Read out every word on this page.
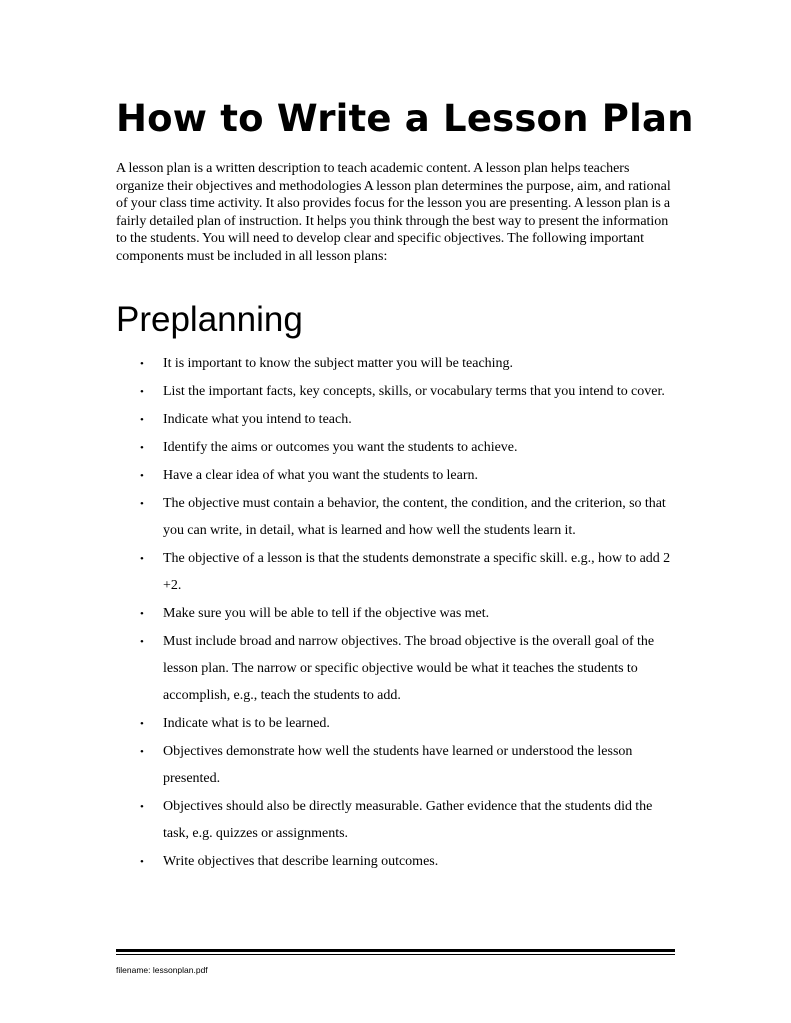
How to Write a Lesson Plan

A lesson plan is a written description to teach academic content. A lesson plan helps teachers organize their objectives and methodologies A lesson plan determines the purpose, aim, and rational of your class time activity. It also provides focus for the lesson you are presenting. A lesson plan is a fairly detailed plan of instruction. It helps you think through the best way to present the information to the students. You will need to develop clear and specific objectives. The following important components must be included in all lesson plans:

Preplanning
• It is important to know the subject matter you will be teaching.
• List the important facts, key concepts, skills, or vocabulary terms that you intend to cover.
• Indicate what you intend to teach.
• Identify the aims or outcomes you want the students to achieve.
• Have a clear idea of what you want the students to learn.
• The objective must contain a behavior, the content, the condition, and the criterion, so that you can write, in detail, what is learned and how well the students learn it.
• The objective of a lesson is that the students demonstrate a specific skill. e.g., how to add 2 +2.
• Make sure you will be able to tell if the objective was met.
• Must include broad and narrow objectives. The broad objective is the overall goal of the lesson plan. The narrow or specific objective would be what it teaches the students to accomplish, e.g., teach the students to add.
• Indicate what is to be learned.
• Objectives demonstrate how well the students have learned or understood the lesson presented.
• Objectives should also be directly measurable. Gather evidence that the students did the task, e.g. quizzes or assignments.
• Write objectives that describe learning outcomes.

filename: lessonplan.pdf
